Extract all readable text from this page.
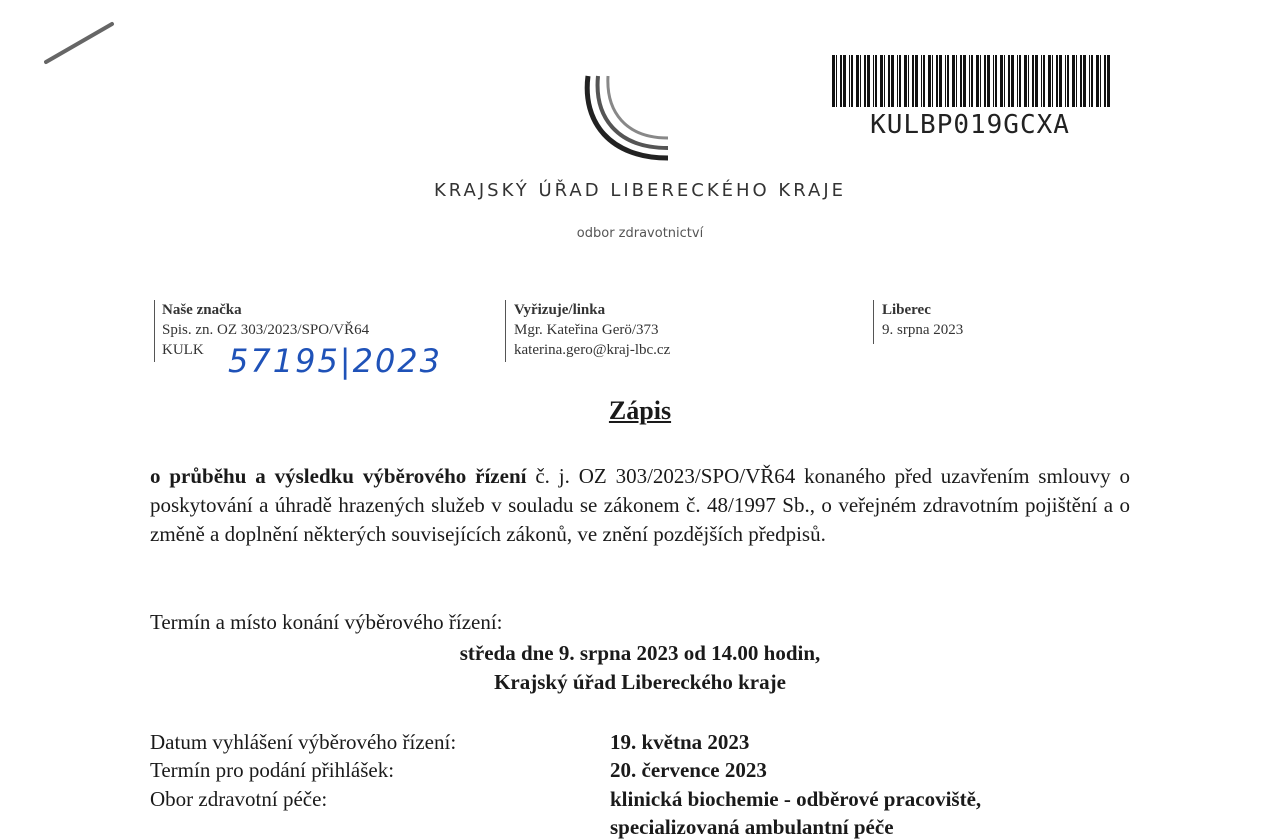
KULBP019GCXA
KRAJSKÝ ÚŘAD LIBERECKÉHO KRAJE
odbor zdravotnictví
Naše značka
Spis. zn. OZ 303/2023/SPO/VŘ64
KULK 57195|2023
Vyřizuje/linka
Mgr. Kateřina Gerö/373
katerina.gero@kraj-lbc.cz
Liberec
9. srpna 2023
Zápis
o průběhu a výsledku výběrového řízení č. j. OZ 303/2023/SPO/VŘ64 konaného před uzavřením smlouvy o poskytování a úhradě hrazených služeb v souladu se zákonem č. 48/1997 Sb., o veřejném zdravotním pojištění a o změně a doplnění některých souvisejících zákonů, ve znění pozdějších předpisů.
Termín a místo konání výběrového řízení:
středa dne 9. srpna 2023 od 14.00 hodin,
Krajský úřad Libereckého kraje
Datum vyhlášení výběrového řízení:	19. května 2023
Termín pro podání přihlášek:	20. července 2023
Obor zdravotní péče:	klinická biochemie - odběrové pracoviště,
specializovaná ambulantní péče
